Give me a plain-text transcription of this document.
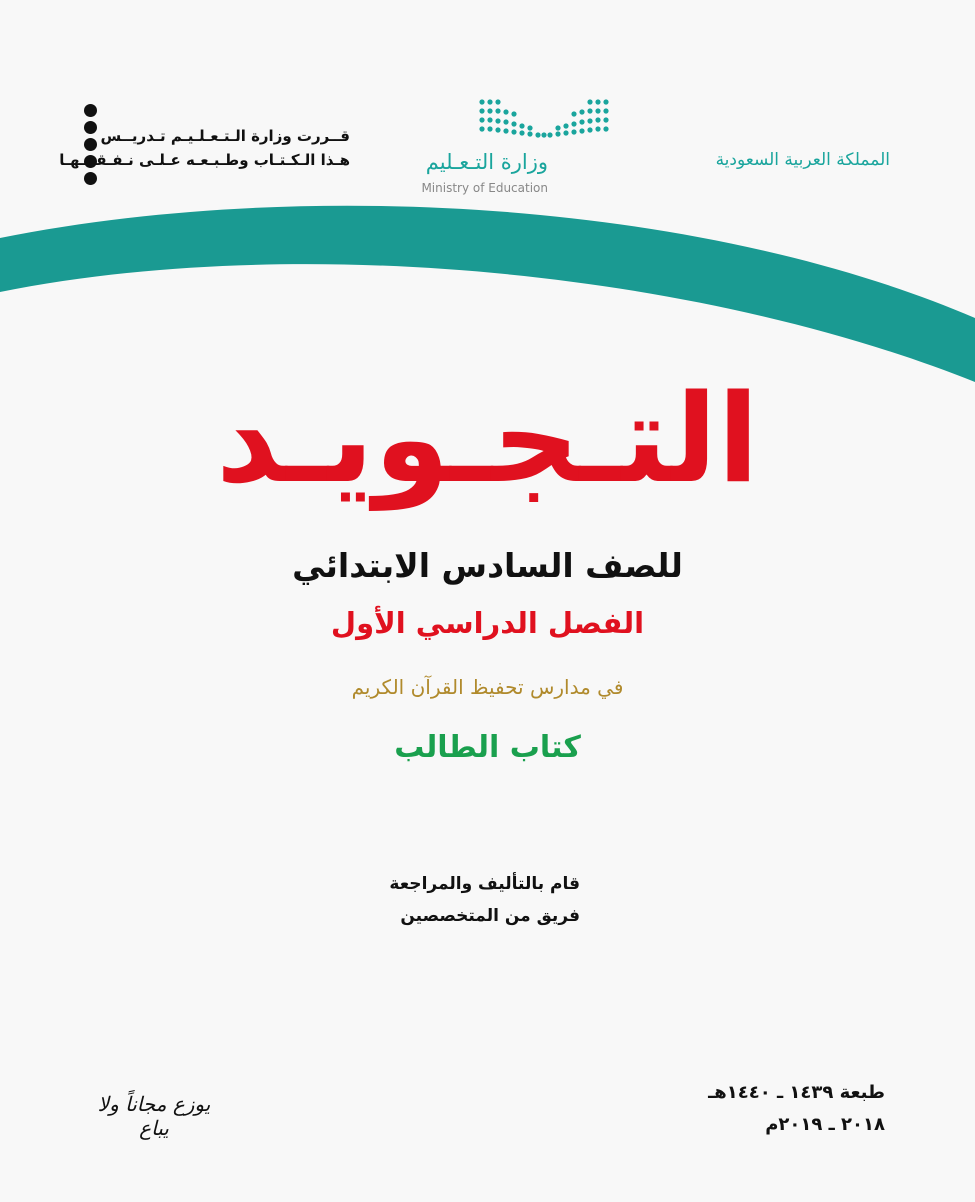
قــررت وزارة الـتـعـلـيـم تـدريــس
هـذا الـكـتـاب وطـبـعـه عـلـى نـفـقـتـهـا	وزارة التـعـليم
Ministry of Education
المملكة العربية السعودية
التـجـويـد
للصف السادس الابتدائي
الفصل الدراسي الأول
في مدارس تحفيظ القرآن الكريم
كتاب الطالب
قام بالتأليف والمراجعة
فريق من المتخصصين
طبعة ١٤٣٩ ـ ١٤٤٠هـ
٢٠١٨ ـ ٢٠١٩م
يوزع مجاناً ولا يباع
